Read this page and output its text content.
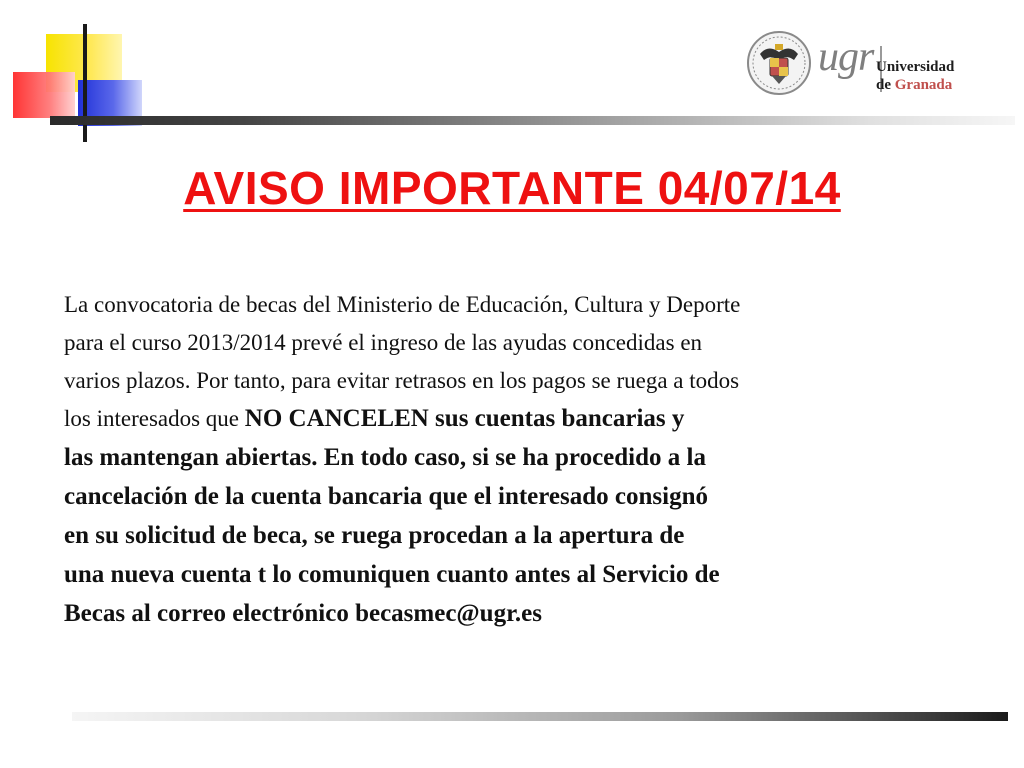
ugr Universidad
de Granada
AVISO IMPORTANTE 04/07/14
La convocatoria de becas del Ministerio de Educación, Cultura y Deporte
para el curso 2013/2014 prevé el ingreso de las ayudas concedidas en
varios plazos. Por tanto, para evitar retrasos en los pagos se ruega a todos
los interesados que NO CANCELEN sus cuentas bancarias y
las mantengan abiertas. En todo caso, si se ha procedido a la
cancelación de la cuenta bancaria que el interesado consignó
en su solicitud de beca, se ruega procedan a la apertura de
una nueva cuenta t lo comuniquen cuanto antes al Servicio de
Becas al correo electrónico becasmec@ugr.es
